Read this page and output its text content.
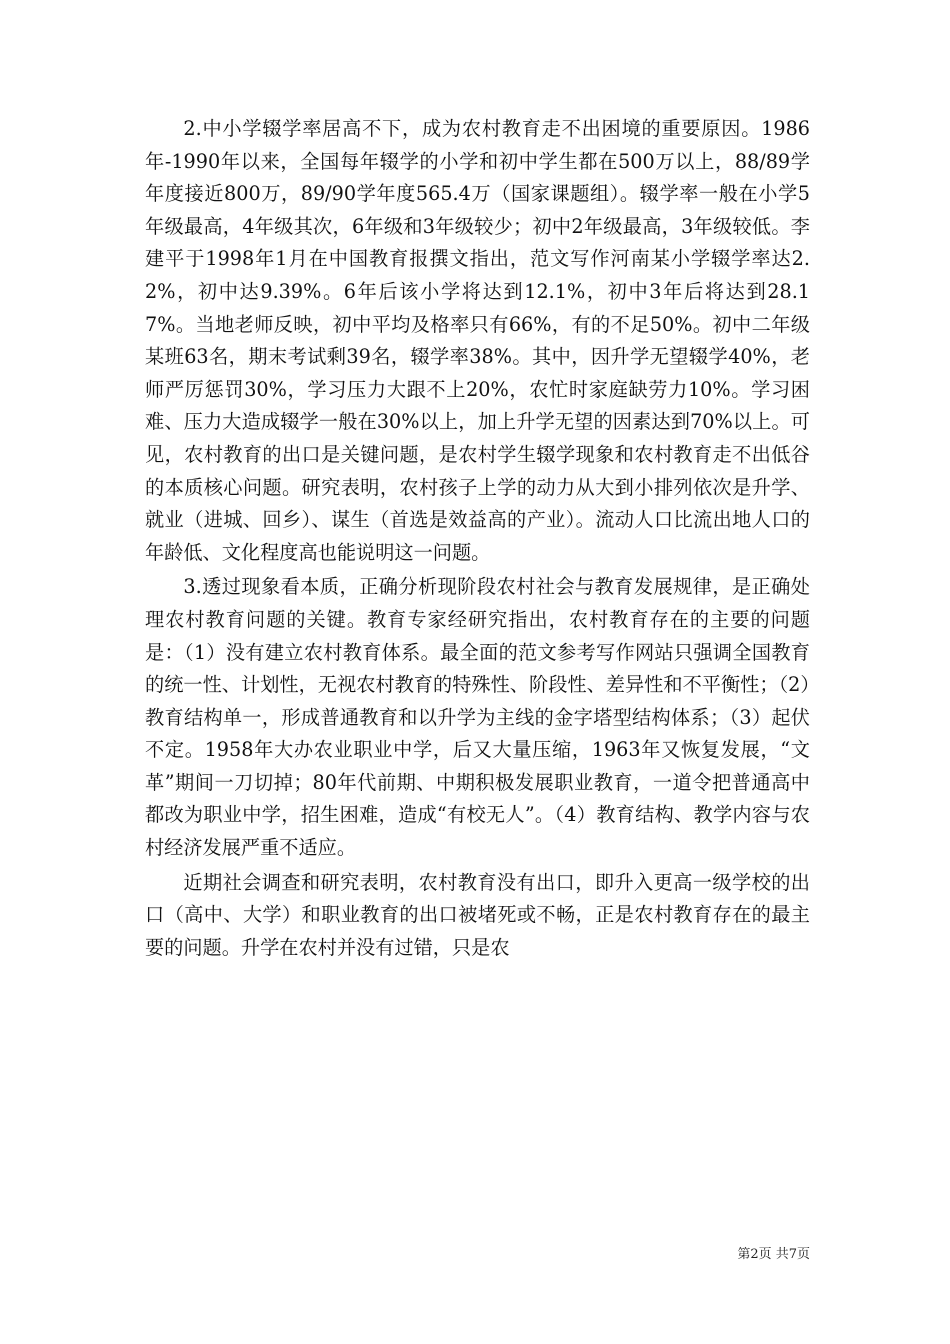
2.中小学辍学率居高不下，成为农村教育走不出困境的重要原因。1986年-1990年以来，全国每年辍学的小学和初中学生都在500万以上，88/89学年度接近800万，89/90学年度565.4万（国家课题组）。辍学率一般在小学5年级最高，4年级其次，6年级和3年级较少；初中2年级最高，3年级较低。李建平于1998年1月在中国教育报撰文指出，范文写作河南某小学辍学率达2.2%，初中达9.39%。6年后该小学将达到12.1%，初中3年后将达到28.17%。当地老师反映，初中平均及格率只有66%，有的不足50%。初中二年级某班63名，期末考试剩39名，辍学率38%。其中，因升学无望辍学40%，老师严厉惩罚30%，学习压力大跟不上20%，农忙时家庭缺劳力10%。学习困难、压力大造成辍学一般在30%以上，加上升学无望的因素达到70%以上。可见，农村教育的出口是关键问题，是农村学生辍学现象和农村教育走不出低谷的本质核心问题。研究表明，农村孩子上学的动力从大到小排列依次是升学、就业（进城、回乡）、谋生（首选是效益高的产业）。流动人口比流出地人口的年龄低、文化程度高也能说明这一问题。

3.透过现象看本质，正确分析现阶段农村社会与教育发展规律，是正确处理农村教育问题的关键。教育专家经研究指出，农村教育存在的主要的问题是：（1）没有建立农村教育体系。最全面的范文参考写作网站只强调全国教育的统一性、计划性，无视农村教育的特殊性、阶段性、差异性和不平衡性；（2）教育结构单一，形成普通教育和以升学为主线的金字塔型结构体系；（3）起伏不定。1958年大办农业职业中学，后又大量压缩，1963年又恢复发展，“文革”期间一刀切掉；80年代前期、中期积极发展职业教育，一道令把普通高中都改为职业中学，招生困难，造成“有校无人”。（4）教育结构、教学内容与农村经济发展严重不适应。

近期社会调查和研究表明，农村教育没有出口，即升入更高一级学校的出口（高中、大学）和职业教育的出口被堵死或不畅，正是农村教育存在的最主要的问题。升学在农村并没有过错，只是农

第2页 共7页
